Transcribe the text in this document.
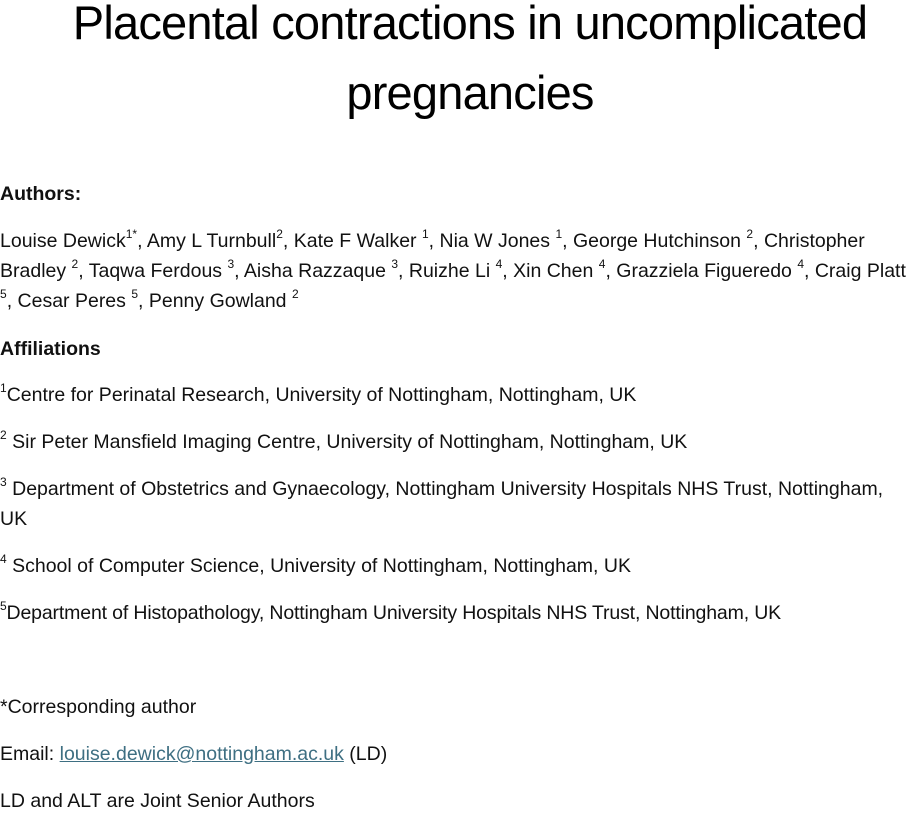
Placental contractions in uncomplicated pregnancies
Authors:
Louise Dewick$^{1*}$, Amy L Turnbull$^2$, Kate F Walker $^1$, Nia W Jones $^1$, George Hutchinson $^2$, Christopher Bradley $^2$, Taqwa Ferdous $^3$, Aisha Razzaque $^3$, Ruizhe Li $^4$, Xin Chen $^4$, Grazziela Figueredo $^4$, Craig Platt $^5$, Cesar Peres $^5$, Penny Gowland $^2$
Affiliations
$^1$Centre for Perinatal Research, University of Nottingham, Nottingham, UK
$^2$ Sir Peter Mansfield Imaging Centre, University of Nottingham, Nottingham, UK
$^3$ Department of Obstetrics and Gynaecology, Nottingham University Hospitals NHS Trust, Nottingham, UK
$^4$ School of Computer Science, University of Nottingham, Nottingham, UK
$^5$Department of Histopathology, Nottingham University Hospitals NHS Trust, Nottingham, UK
*Corresponding author
Email: louise.dewick@nottingham.ac.uk (LD)
LD and ALT are Joint Senior Authors
